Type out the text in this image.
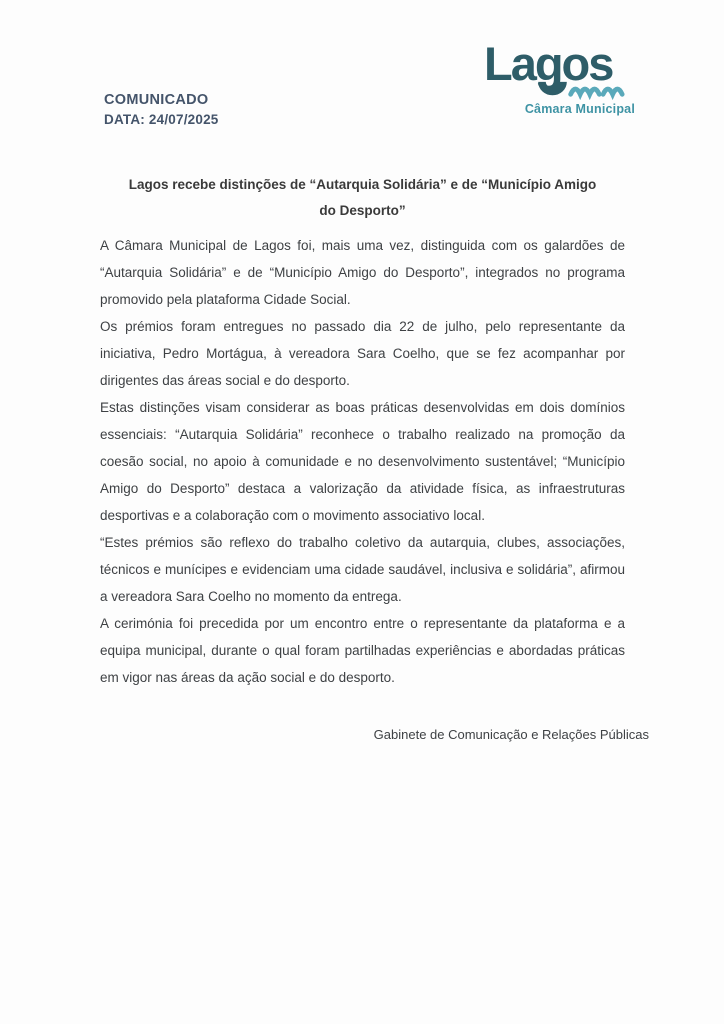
COMUNICADO
DATA: 24/07/2025
Lagos
Câmara Municipal
Lagos recebe distinções de “Autarquia Solidária” e de “Município Amigo
do Desporto”

A Câmara Municipal de Lagos foi, mais uma vez, distinguida com os galardões de “Autarquia Solidária” e de “Município Amigo do Desporto”, integrados no programa promovido pela plataforma Cidade Social.

Os prémios foram entregues no passado dia 22 de julho, pelo representante da iniciativa, Pedro Mortágua, à vereadora Sara Coelho, que se fez acompanhar por dirigentes das áreas social e do desporto.

Estas distinções visam considerar as boas práticas desenvolvidas em dois domínios essenciais: “Autarquia Solidária” reconhece o trabalho realizado na promoção da coesão social, no apoio à comunidade e no desenvolvimento sustentável; “Município Amigo do Desporto” destaca a valorização da atividade física, as infraestruturas desportivas e a colaboração com o movimento associativo local.

“Estes prémios são reflexo do trabalho coletivo da autarquia, clubes, associações, técnicos e munícipes e evidenciam uma cidade saudável, inclusiva e solidária”, afirmou a vereadora Sara Coelho no momento da entrega.

A cerimónia foi precedida por um encontro entre o representante da plataforma e a equipa municipal, durante o qual foram partilhadas experiências e abordadas práticas em vigor nas áreas da ação social e do desporto.

Gabinete de Comunicação e Relações Públicas
